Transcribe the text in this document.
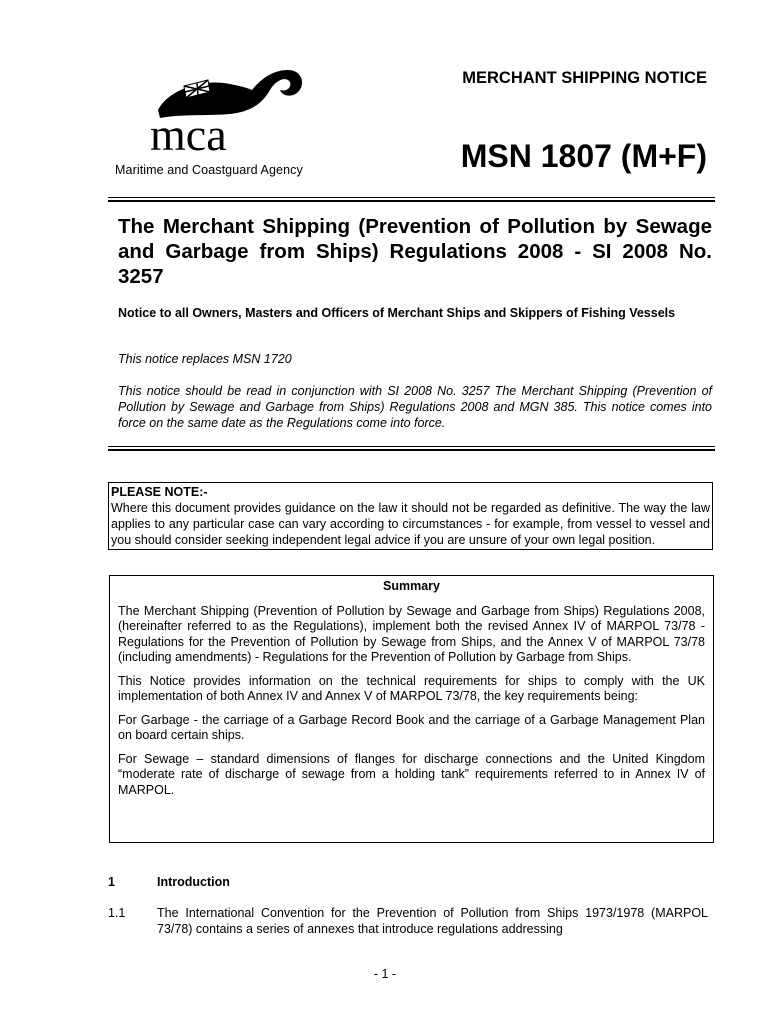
mca
Maritime and Coastguard Agency
MERCHANT SHIPPING NOTICE
MSN 1807 (M+F)
The Merchant Shipping (Prevention of Pollution by Sewage and Garbage from Ships) Regulations 2008 - SI 2008 No. 3257
Notice to all Owners, Masters and Officers of Merchant Ships and Skippers of Fishing Vessels
This notice replaces MSN 1720
This notice should be read in conjunction with SI 2008 No. 3257 The Merchant Shipping (Prevention of Pollution by Sewage and Garbage from Ships) Regulations 2008 and MGN 385. This notice comes into force on the same date as the Regulations come into force.
PLEASE NOTE:-
Where this document provides guidance on the law it should not be regarded as definitive. The way the law applies to any particular case can vary according to circumstances - for example, from vessel to vessel and you should consider seeking independent legal advice if you are unsure of your own legal position.
Summary
The Merchant Shipping (Prevention of Pollution by Sewage and Garbage from Ships) Regulations 2008, (hereinafter referred to as the Regulations), implement both the revised Annex IV of MARPOL 73/78 - Regulations for the Prevention of Pollution by Sewage from Ships, and the Annex V of MARPOL 73/78 (including amendments) - Regulations for the Prevention of Pollution by Garbage from Ships.
This Notice provides information on the technical requirements for ships to comply with the UK implementation of both Annex IV and Annex V of MARPOL 73/78, the key requirements being:
For Garbage - the carriage of a Garbage Record Book and the carriage of a Garbage Management Plan on board certain ships.
For Sewage – standard dimensions of flanges for discharge connections and the United Kingdom “moderate rate of discharge of sewage from a holding tank” requirements referred to in Annex IV of MARPOL.
1	Introduction
1.1	The International Convention for the Prevention of Pollution from Ships 1973/1978 (MARPOL 73/78) contains a series of annexes that introduce regulations addressing
- 1 -
